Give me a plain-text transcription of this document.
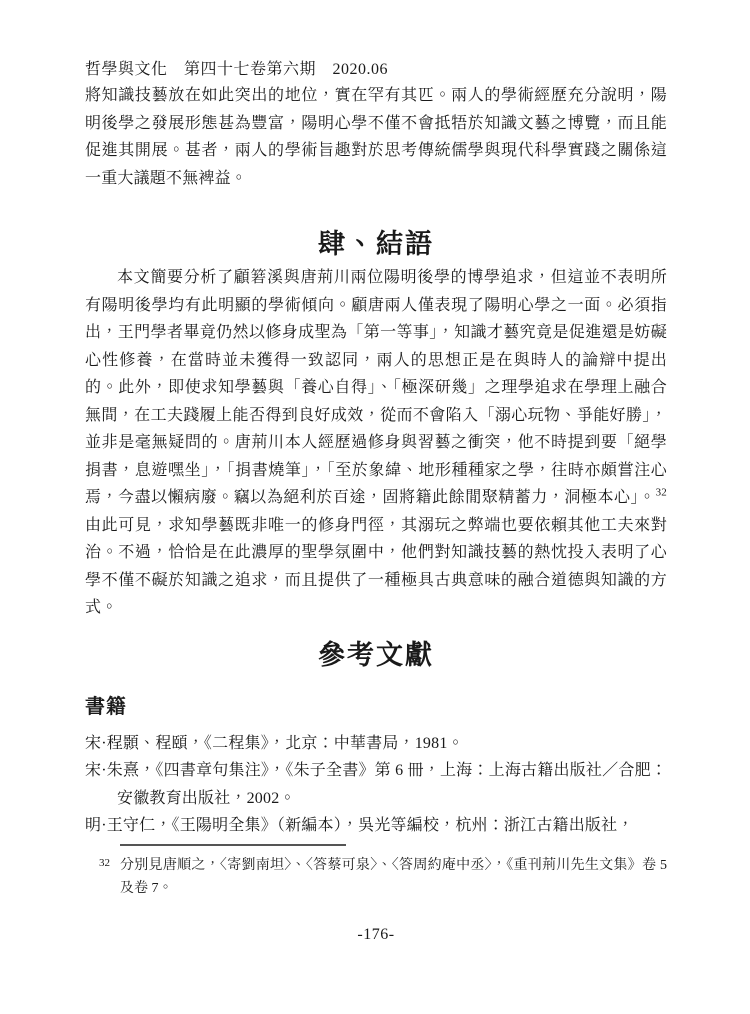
哲學與文化　第四十七卷第六期　2020.06

將知識技藝放在如此突出的地位，實在罕有其匹。兩人的學術經歷充分說明，陽明後學之發展形態甚為豐富，陽明心學不僅不會抵牾於知識文藝之博覽，而且能促進其開展。甚者，兩人的學術旨趣對於思考傳統儒學與現代科學實踐之關係這一重大議題不無裨益。

肆、結語

本文簡要分析了顧箬溪與唐荊川兩位陽明後學的博學追求，但這並不表明所有陽明後學均有此明顯的學術傾向。顧唐兩人僅表現了陽明心學之一面。必須指出，王門學者畢竟仍然以修身成聖為「第一等事」，知識才藝究竟是促進還是妨礙心性修養，在當時並未獲得一致認同，兩人的思想正是在與時人的論辯中提出的。此外，即使求知學藝與「養心自得」、「極深研幾」之理學追求在學理上融合無間，在工夫踐履上能否得到良好成效，從而不會陷入「溺心玩物、爭能好勝」，並非是毫無疑問的。唐荊川本人經歷過修身與習藝之衝突，他不時提到要「絕學捐書，息遊嘿坐」，「捐書燒筆」，「至於象緯、地形種種家之學，往時亦頗嘗注心焉，今盡以懶病廢。竊以為絕利於百途，固將籍此餘閒聚精蓄力，洞極本心」。$^{32}$由此可見，求知學藝既非唯一的修身門徑，其溺玩之弊端也要依賴其他工夫來對治。不過，恰恰是在此濃厚的聖學氛圍中，他們對知識技藝的熱忱投入表明了心學不僅不礙於知識之追求，而且提供了一種極具古典意味的融合道德與知識的方式。

參考文獻
書籍

宋·程顥、程頤，《二程集》，北京：中華書局，1981。

宋·朱熹，《四書章句集注》，《朱子全書》第 6 冊，上海：上海古籍出版社／合肥：安徽教育出版社，2002。

明·王守仁，《王陽明全集》（新編本），吳光等編校，杭州：浙江古籍出版社，

32 分別見唐順之，〈寄劉南坦〉、〈答蔡可泉〉、〈答周約庵中丞〉，《重刊荊川先生文集》卷 5 及卷 7。
-176-
